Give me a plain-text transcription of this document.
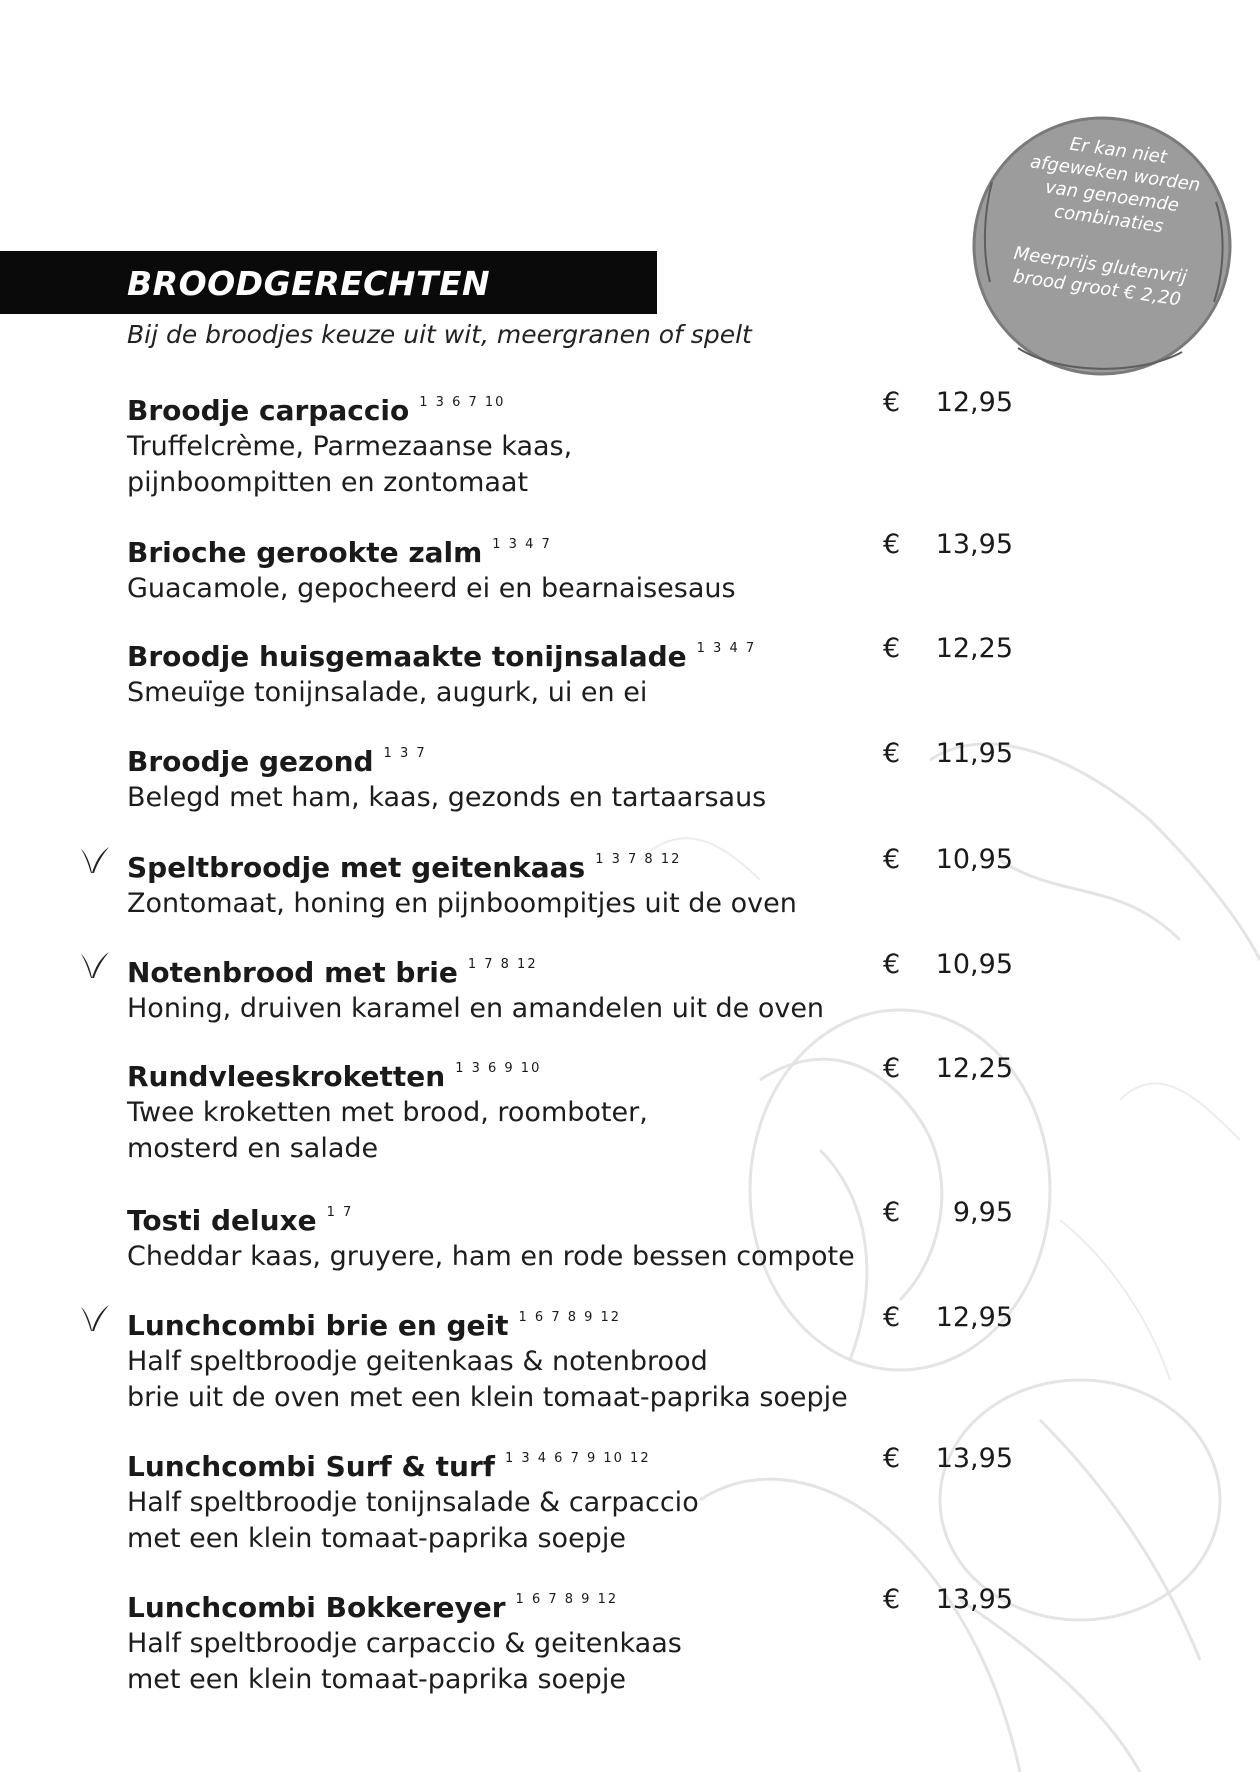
Er kan niet
afgeweken worden
van genoemde
combinaties
Meerprijs glutenvrij
brood groot € 2,20
BROODGERECHTEN
Bij de broodjes keuze uit wit, meergranen of spelt
Broodje carpaccio $^{1 3 6 7 10}$
Truffelcrème, Parmezaanse kaas,
pijnboompitten en zontomaat
€ 12,95
Brioche gerookte zalm $^{1 3 4 7}$
Guacamole, gepocheerd ei en bearnaisesaus
€ 13,95
Broodje huisgemaakte tonijnsalade $^{1 3 4 7}$
Smeuïge tonijnsalade, augurk, ui en ei
€ 12,25
Broodje gezond $^{1 3 7}$
Belegd met ham, kaas, gezonds en tartaarsaus
€ 11,95
Speltbroodje met geitenkaas $^{1 3 7 8 12}$
Zontomaat, honing en pijnboompitjes uit de oven
€ 10,95
Notenbrood met brie $^{1 7 8 12}$
Honing, druiven karamel en amandelen uit de oven
€ 10,95
Rundvleeskroketten $^{1 3 6 9 10}$
Twee kroketten met brood, roomboter,
mosterd en salade
€ 12,25
Tosti deluxe $^{1 7}$
Cheddar kaas, gruyere, ham en rode bessen compote
€ 9,95
Lunchcombi brie en geit $^{1 6 7 8 9 12}$
Half speltbroodje geitenkaas & notenbrood
brie uit de oven met een klein tomaat-paprika soepje
€ 12,95
Lunchcombi Surf & turf $^{1 3 4 6 7 9 10 12}$
Half speltbroodje tonijnsalade & carpaccio
met een klein tomaat-paprika soepje
€ 13,95
Lunchcombi Bokkereyer $^{1 6 7 8 9 12}$
Half speltbroodje carpaccio & geitenkaas
met een klein tomaat-paprika soepje
€ 13,95
